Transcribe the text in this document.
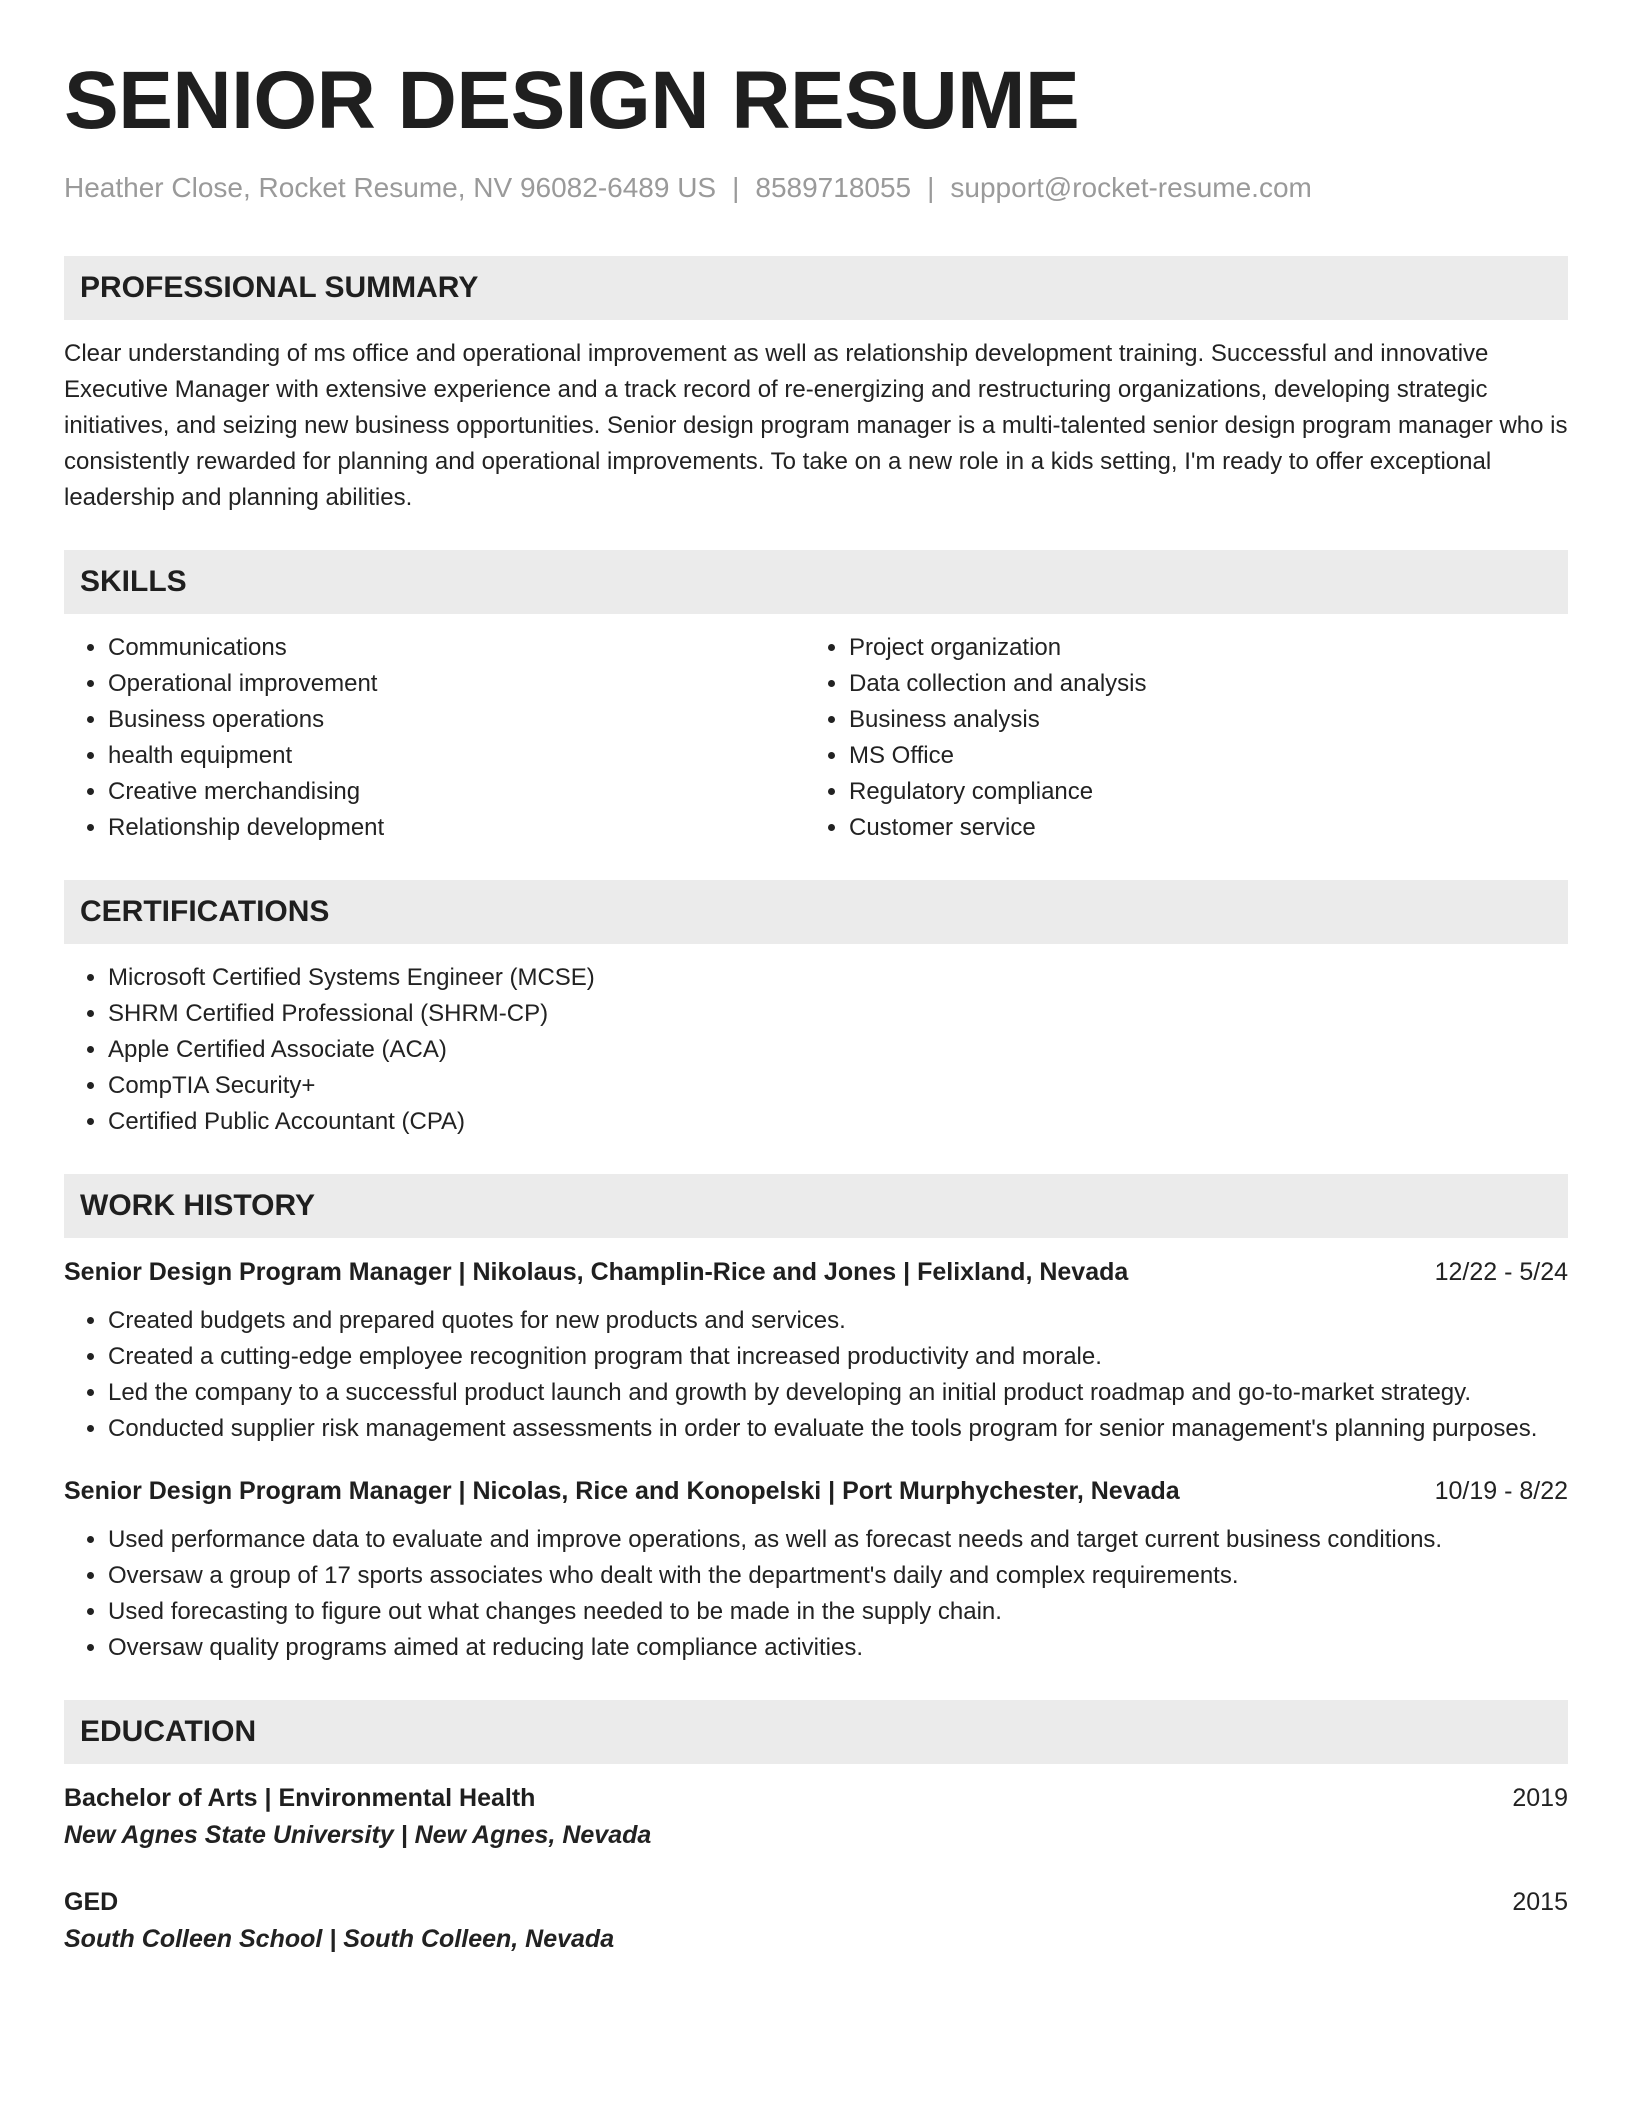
SENIOR DESIGN RESUME
Heather Close, Rocket Resume, NV 96082-6489 US | 8589718055 | support@rocket-resume.com
PROFESSIONAL SUMMARY

Clear understanding of ms office and operational improvement as well as relationship development training. Successful and innovative Executive Manager with extensive experience and a track record of re-energizing and restructuring organizations, developing strategic initiatives, and seizing new business opportunities. Senior design program manager is a multi-talented senior design program manager who is consistently rewarded for planning and operational improvements. To take on a new role in a kids setting, I'm ready to offer exceptional leadership and planning abilities.

SKILLS
• Communications
• Operational improvement
• Business operations
• health equipment
• Creative merchandising
• Relationship development
• Project organization
• Data collection and analysis
• Business analysis
• MS Office
• Regulatory compliance
• Customer service
CERTIFICATIONS
• Microsoft Certified Systems Engineer (MCSE)
• SHRM Certified Professional (SHRM-CP)
• Apple Certified Associate (ACA)
• CompTIA Security+
• Certified Public Accountant (CPA)
WORK HISTORY
Senior Design Program Manager | Nikolaus, Champlin-Rice and Jones | Felixland, Nevada	12/22 - 5/24
• Created budgets and prepared quotes for new products and services.
• Created a cutting-edge employee recognition program that increased productivity and morale.
• Led the company to a successful product launch and growth by developing an initial product roadmap and go-to-market strategy.
• Conducted supplier risk management assessments in order to evaluate the tools program for senior management's planning purposes.
Senior Design Program Manager | Nicolas, Rice and Konopelski | Port Murphychester, Nevada	10/19 - 8/22
• Used performance data to evaluate and improve operations, as well as forecast needs and target current business conditions.
• Oversaw a group of 17 sports associates who dealt with the department's daily and complex requirements.
• Used forecasting to figure out what changes needed to be made in the supply chain.
• Oversaw quality programs aimed at reducing late compliance activities.
EDUCATION
Bachelor of Arts | Environmental Health	2019
New Agnes State University | New Agnes, Nevada
GED	2015
South Colleen School | South Colleen, Nevada
